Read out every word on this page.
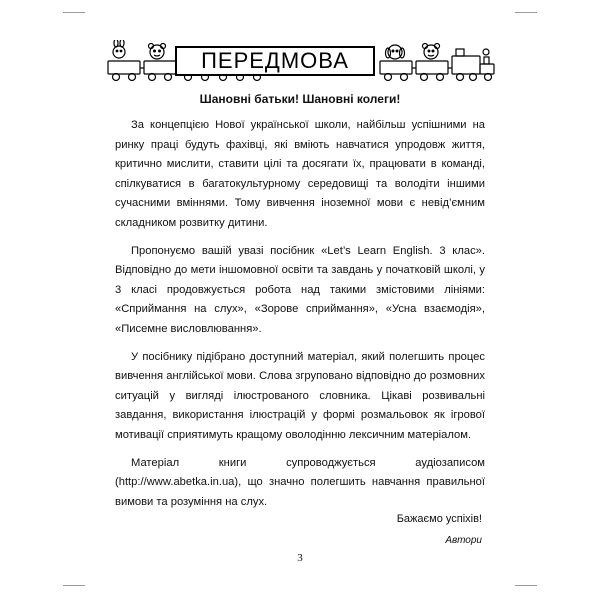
ПЕРЕДМОВА
Шановні батьки! Шановні колеги!

За концепцією Нової української школи, найбільш успішними на ринку праці будуть фахівці, які вміють навчатися упродовж життя, критично мислити, ставити цілі та досягати їх, працювати в команді, спілкуватися в багатокультурному середовищі та володіти іншими сучасними вміннями. Тому вивчення іноземної мови є невід’ємним складником розвитку дитини.

Пропонуємо вашій увазі посібник «Let’s Learn English. 3 клас». Відповідно до мети іншомовної освіти та завдань у початковій школі, у 3 класі продовжується робота над такими змістовими лініями: «Сприймання на слух», «Зорове сприймання», «Усна взаємодія», «Писемне висловлювання».

У посібнику підібрано доступний матеріал, який полегшить процес вивчення англійської мови. Слова згруповано відповідно до розмовних ситуацій у вигляді ілюстрованого словника. Цікаві розвивальні завдання, використання ілюстрацій у формі розмальовок як ігрової мотивації сприятимуть кращому оволодінню лексичним матеріалом.

Матеріал книги супроводжується аудіозаписом (http://www.abetka.in.ua), що значно полегшить навчання правильної вимови та розуміння на слух.

Бажаємо успіхів!
Автори
3
